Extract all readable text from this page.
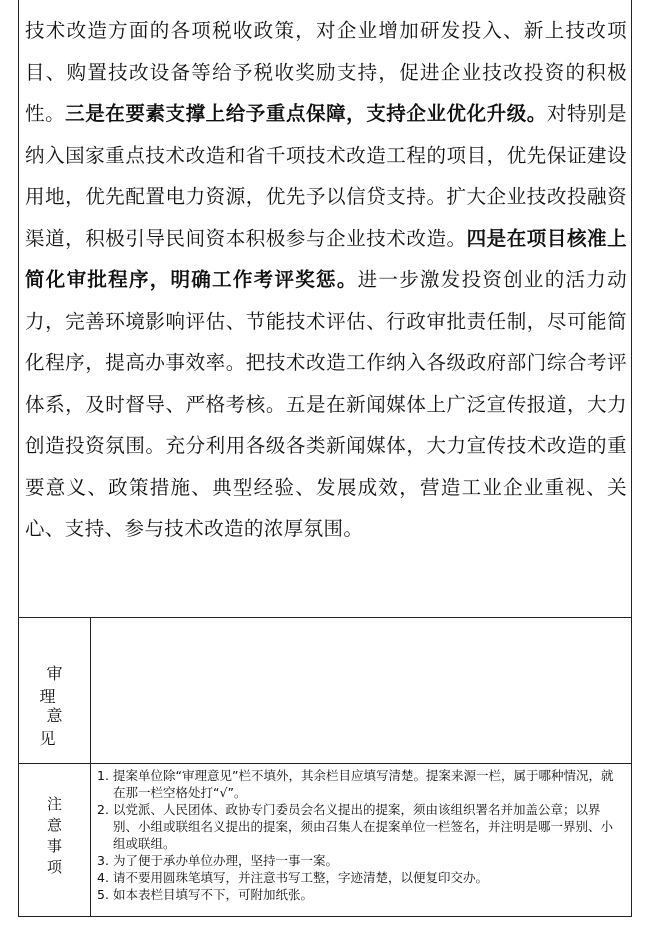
技术改造方面的各项税收政策，对企业增加研发投入、新上技改项目、购置技改设备等给予税收奖励支持，促进企业技改投资的积极性。三是在要素支撑上给予重点保障，支持企业优化升级。对特别是纳入国家重点技术改造和省千项技术改造工程的项目，优先保证建设用地，优先配置电力资源，优先予以信贷支持。扩大企业技改投融资渠道，积极引导民间资本积极参与企业技术改造。四是在项目核准上简化审批程序，明确工作考评奖惩。进一步激发投资创业的活力动力，完善环境影响评估、节能技术评估、行政审批责任制，尽可能简化程序，提高办事效率。把技术改造工作纳入各级政府部门综合考评体系，及时督导、严格考核。五是在新闻媒体上广泛宣传报道，大力创造投资氛围。充分利用各级各类新闻媒体，大力宣传技术改造的重要意义、政策措施、典型经验、发展成效，营造工业企业重视、关心、支持、参与技术改造的浓厚氛围。

审理
意见
注
意
事
项
1. 提案单位除“审理意见”栏不填外，其余栏目应填写清楚。提案来源一栏，属于哪种情况，就在那一栏空格处打“√”。
2. 以党派、人民团体、政协专门委员会名义提出的提案，须由该组织署名并加盖公章；以界别、小组或联组名义提出的提案，须由召集人在提案单位一栏签名，并注明是哪一界别、小组或联组。
3. 为了便于承办单位办理，坚持一事一案。
4. 请不要用圆珠笔填写，并注意书写工整，字迹清楚，以便复印交办。
5. 如本表栏目填写不下，可附加纸张。
